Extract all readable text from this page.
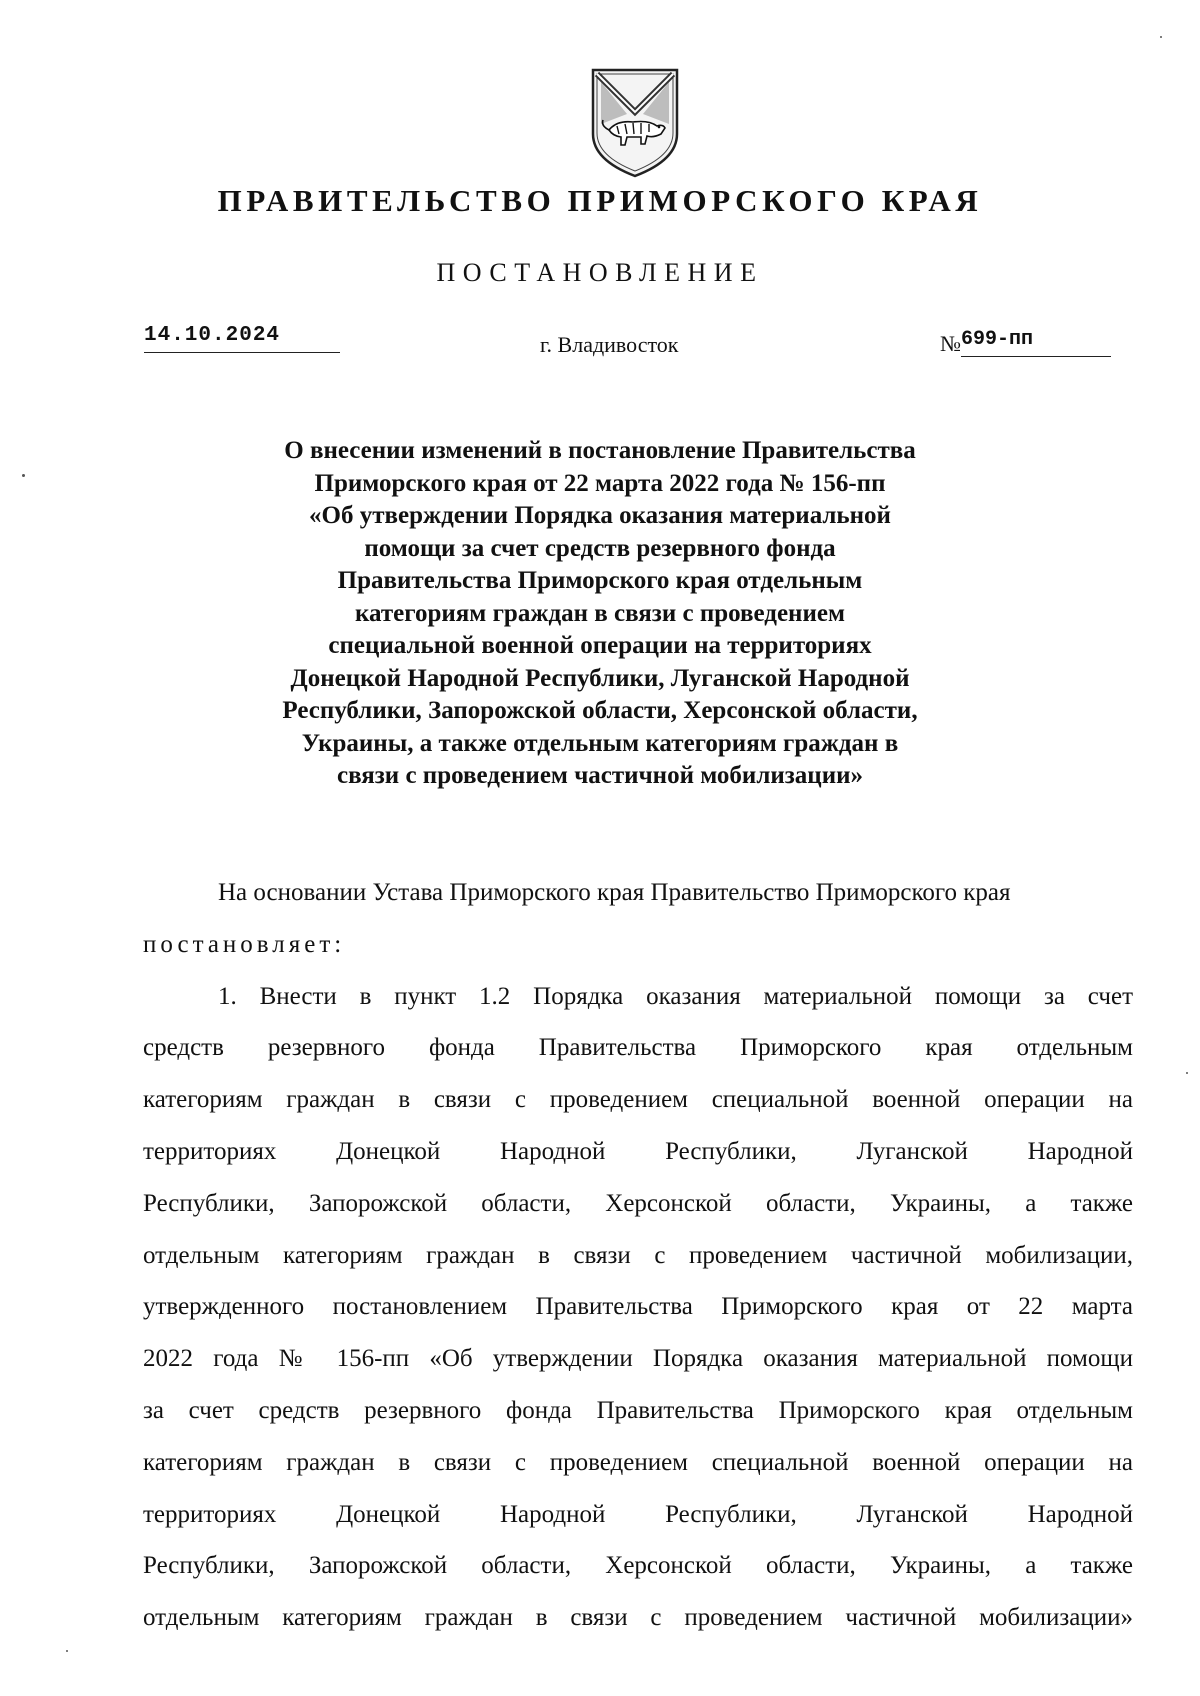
ПРАВИТЕЛЬСТВО ПРИМОРСКОГО КРАЯ
ПОСТАНОВЛЕНИЕ
14.10.2024	г. Владивосток	№699-пп
О внесении изменений в постановление Правительства
Приморского края от 22 марта 2022 года № 156-пп
«Об утверждении Порядка оказания материальной
помощи за счет средств резервного фонда
Правительства Приморского края отдельным
категориям граждан в связи с проведением
специальной военной операции на территориях
Донецкой Народной Республики, Луганской Народной
Республики, Запорожской области, Херсонской области,
Украины, а также отдельным категориям граждан в
связи с проведением частичной мобилизации»
На основании Устава Приморского края Правительство Приморского края
постановляет:
1. Внести в пункт 1.2 Порядка оказания материальной помощи за счет
средств резервного фонда Правительства Приморского края отдельным
категориям граждан в связи с проведением специальной военной операции на
территориях Донецкой Народной Республики, Луганской Народной
Республики, Запорожской области, Херсонской области, Украины, а также
отдельным категориям граждан в связи с проведением частичной мобилизации,
утвержденного постановлением Правительства Приморского края от 22 марта
2022 года № 156-пп «Об утверждении Порядка оказания материальной помощи
за счет средств резервного фонда Правительства Приморского края отдельным
категориям граждан в связи с проведением специальной военной операции на
территориях Донецкой Народной Республики, Луганской Народной
Республики, Запорожской области, Херсонской области, Украины, а также
отдельным категориям граждан в связи с проведением частичной мобилизации»
